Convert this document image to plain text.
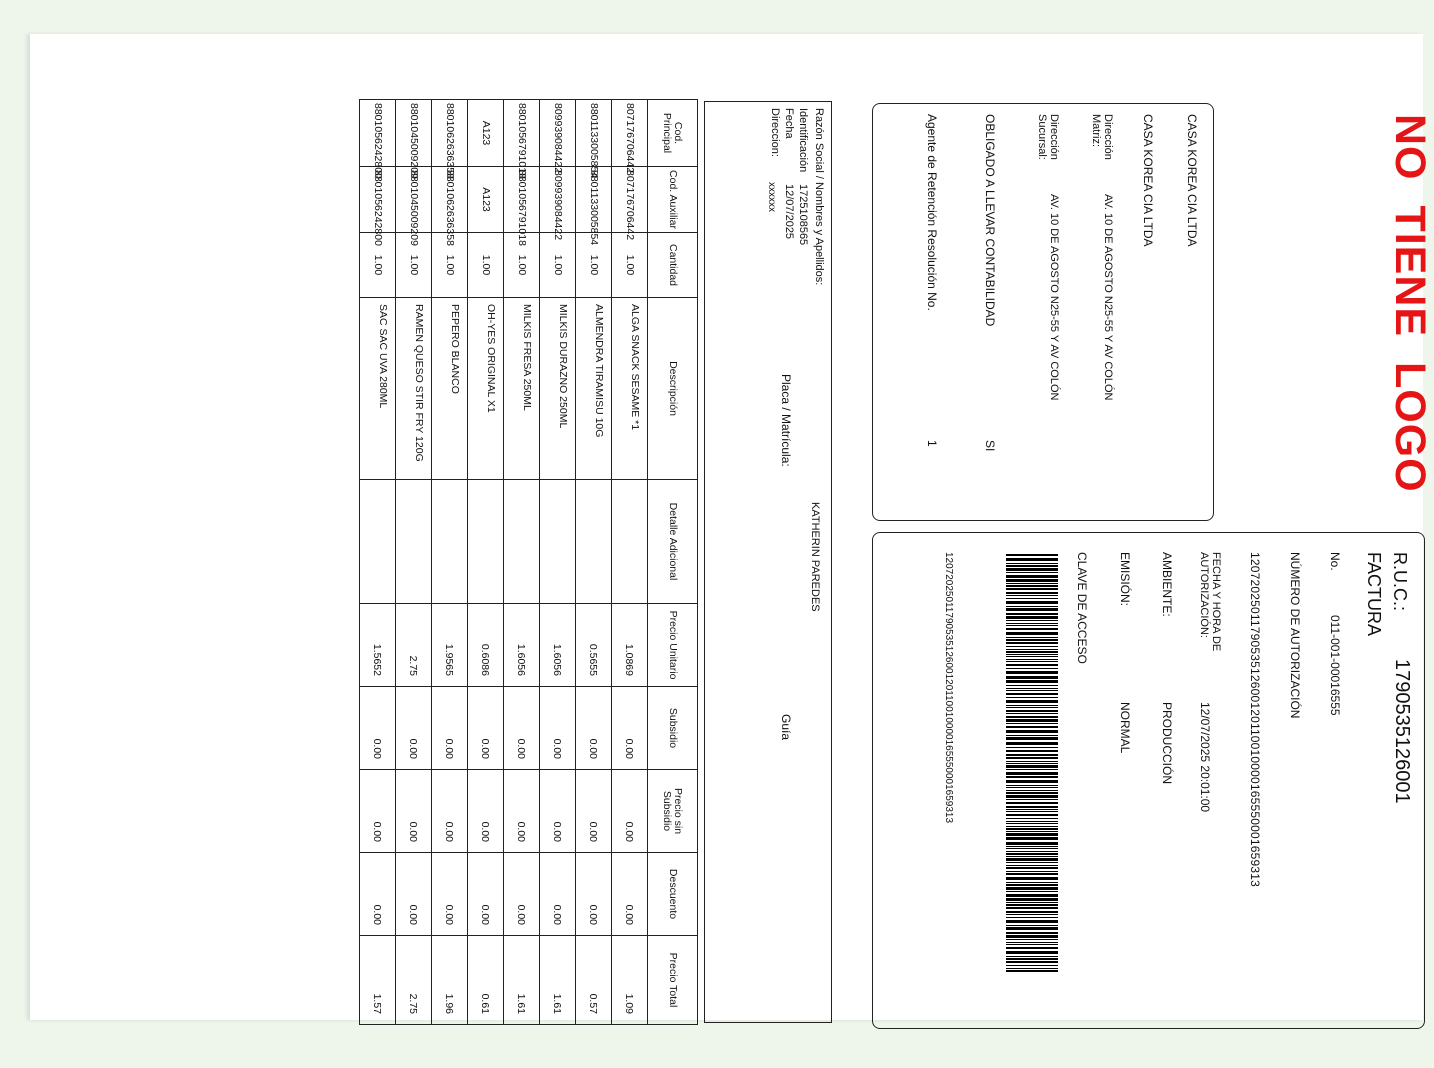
NO TIENE LOGO
CASA KOREA CIA LTDA
CASA KOREA CIA LTDA
Dirección
Matriz:
AV. 10 DE AGOSTO N25-55 Y AV COLÓN
Dirección
Sucursal:
AV. 10 DE AGOSTO N25-55 Y AV COLÓN
OBLIGADO A LLEVAR CONTABILIDAD
SI
Agente de Retención Resolución No.
1
R.U.C.:
1790535126001
FACTURA
No.
011-001-00016555
NÚMERO DE AUTORIZACIÓN
1207202501179053512600120110010000165550001659313
FECHA Y HORA DE
AUTORIZACIÓN:
12/07/2025 20:01:00
AMBIENTE:
PRODUCCIÓN
EMISIÓN:
NORMAL
CLAVE DE ACCESO
1207202501179053512600120110010000165550001659313
Razón Social / Nombres y Apellidos:
KATHERIN PAREDES
Identificación
1725108565
Fecha
12/07/2025
Placa / Matrícula:
Guía
Direccion:
xxxxxx
Cod. Principal	Cod. Auxiliar	Cantidad	Descripción	Detalle Adicional	Precio Unitario	Subsidio	Precio sin Subsidio	Descuento	Precio Total
807176706442	807176706442	1.00	ALGA SNACK SESAME *1		1.0869	0.00	0.00	0.00	1.09
8801133005854	8801133005854	1.00	ALMENDRA TIRAMISU 10G		0.5655	0.00	0.00	0.00	0.57
809939084422	809939084422	1.00	MILKIS DURAZNO 250ML		1.6056	0.00	0.00	0.00	1.61
8801056791018	8801056791018	1.00	MILKIS FRESA 250ML		1.6056	0.00	0.00	0.00	1.61
A123	A123	1.00	OH-YES ORIGINAL X1		0.6086	0.00	0.00	0.00	0.61
8801062636358	8801062636358	1.00	PEPERO BLANCO		1.9565	0.00	0.00	0.00	1.96
8801045009209	8801045009209	1.00	RAMEN QUESO STIR FRY 120G		2.75	0.00	0.00	0.00	2.75
8801056242800	8801056242800	1.00	SAC SAC UVA 280ML		1.5652	0.00	0.00	0.00	1.57
